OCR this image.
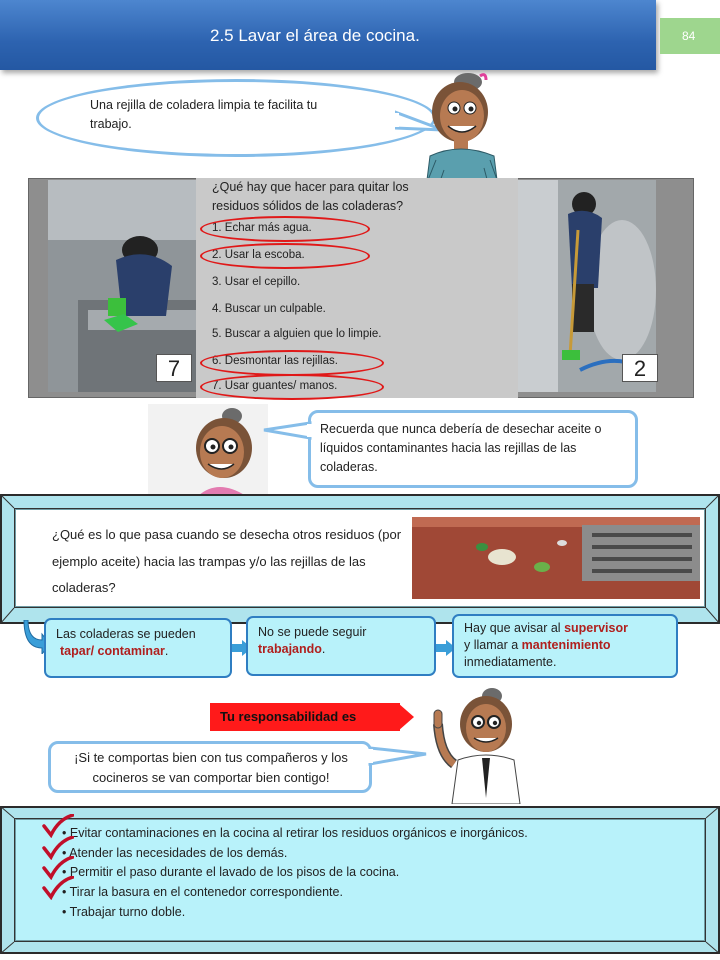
2.5 Lavar el área de cocina.	84
Una rejilla de coladera limpia te facilita tu trabajo.
¿Qué hay que hacer para quitar los residuos sólidos de las coladeras?
1. Echar más agua.
2. Usar la escoba.
3. Usar el cepillo.
4. Buscar un culpable.
5. Buscar a alguien que lo limpie.
6. Desmontar las rejillas.
7. Usar guantes/ manos.
7	2
Recuerda que nunca debería de desechar aceite o líquidos contaminantes hacia las rejillas de las coladeras.
¿Qué es lo que pasa cuando se desecha otros residuos (por ejemplo aceite) hacia las trampas y/o las rejillas de las coladeras?
Las coladeras se pueden
tapar/ contaminar.
No se puede seguir
trabajando.
Hay que avisar al supervisor
y llamar a mantenimiento
inmediatamente.
Tu responsabilidad es
¡Si te comportas bien con tus compañeros y los cocineros se van comportar bien contigo!
• Evitar contaminaciones en la cocina al retirar los residuos orgánicos e inorgánicos.
• Atender las necesidades de los demás.
• Permitir el paso durante el lavado de los pisos de la cocina.
• Tirar la basura en el contenedor correspondiente.
• Trabajar turno doble.
